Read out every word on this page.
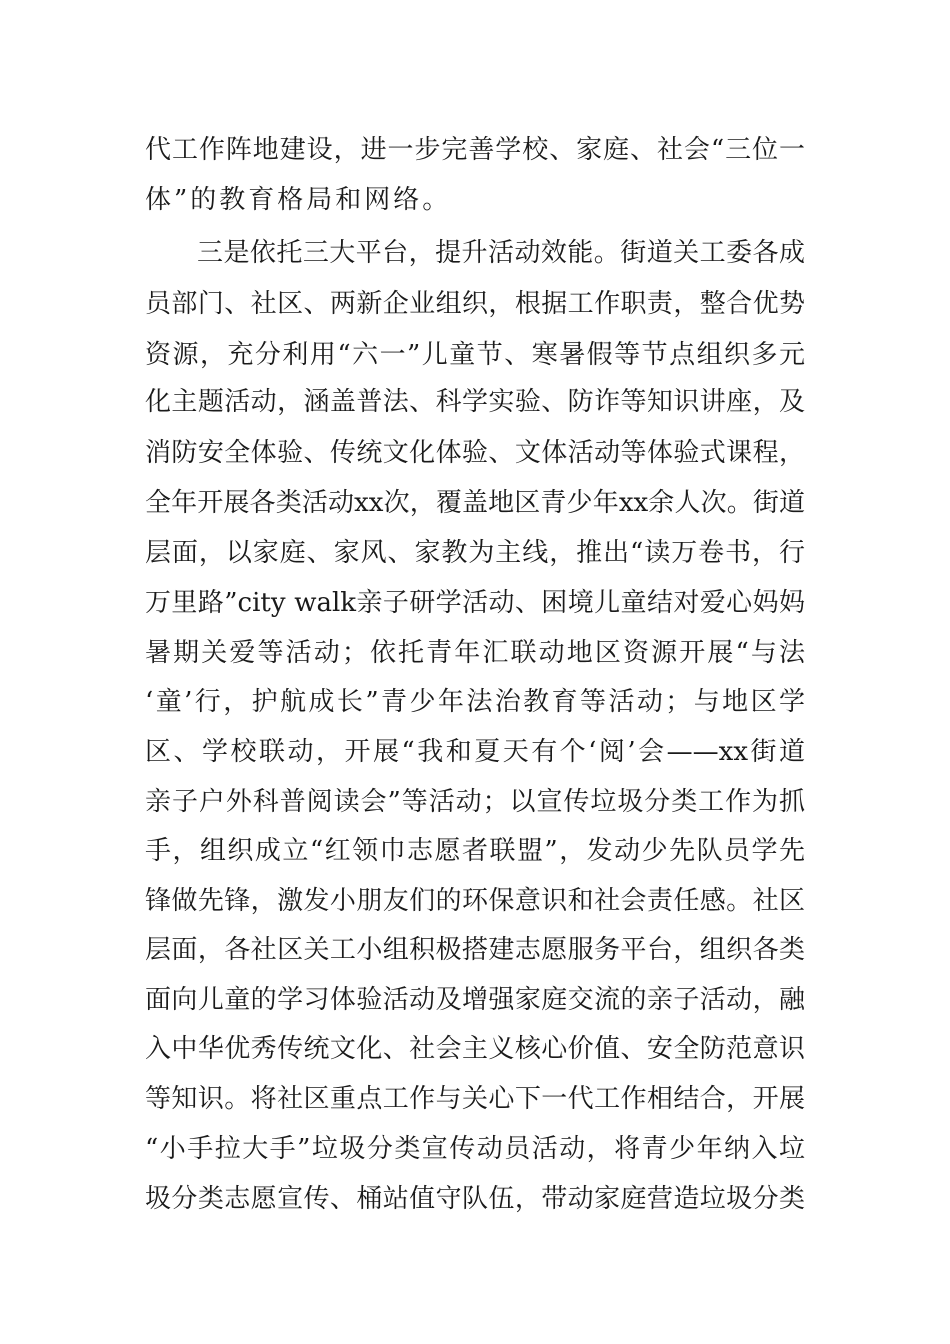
代工作阵地建设，进一步完善学校、家庭、社会“三位一
体”的教育格局和网络。
三是依托三大平台，提升活动效能。街道关工委各成
员部门、社区、两新企业组织，根据工作职责，整合优势
资源，充分利用“六一”儿童节、寒暑假等节点组织多元
化主题活动，涵盖普法、科学实验、防诈等知识讲座，及
消防安全体验、传统文化体验、文体活动等体验式课程，
全年开展各类活动xx次，覆盖地区青少年xx余人次。街道
层面，以家庭、家风、家教为主线，推出“读万卷书，行
万里路”city walk亲子研学活动、困境儿童结对爱心妈妈
暑期关爱等活动；依托青年汇联动地区资源开展“与法
‘童’行，护航成长”青少年法治教育等活动；与地区学
区、学校联动，开展“我和夏天有个‘阅’会——xx街道
亲子户外科普阅读会”等活动；以宣传垃圾分类工作为抓
手，组织成立“红领巾志愿者联盟”，发动少先队员学先
锋做先锋，激发小朋友们的环保意识和社会责任感。社区
层面，各社区关工小组积极搭建志愿服务平台，组织各类
面向儿童的学习体验活动及增强家庭交流的亲子活动，融
入中华优秀传统文化、社会主义核心价值、安全防范意识
等知识。将社区重点工作与关心下一代工作相结合，开展
“小手拉大手”垃圾分类宣传动员活动，将青少年纳入垃
圾分类志愿宣传、桶站值守队伍，带动家庭营造垃圾分类
